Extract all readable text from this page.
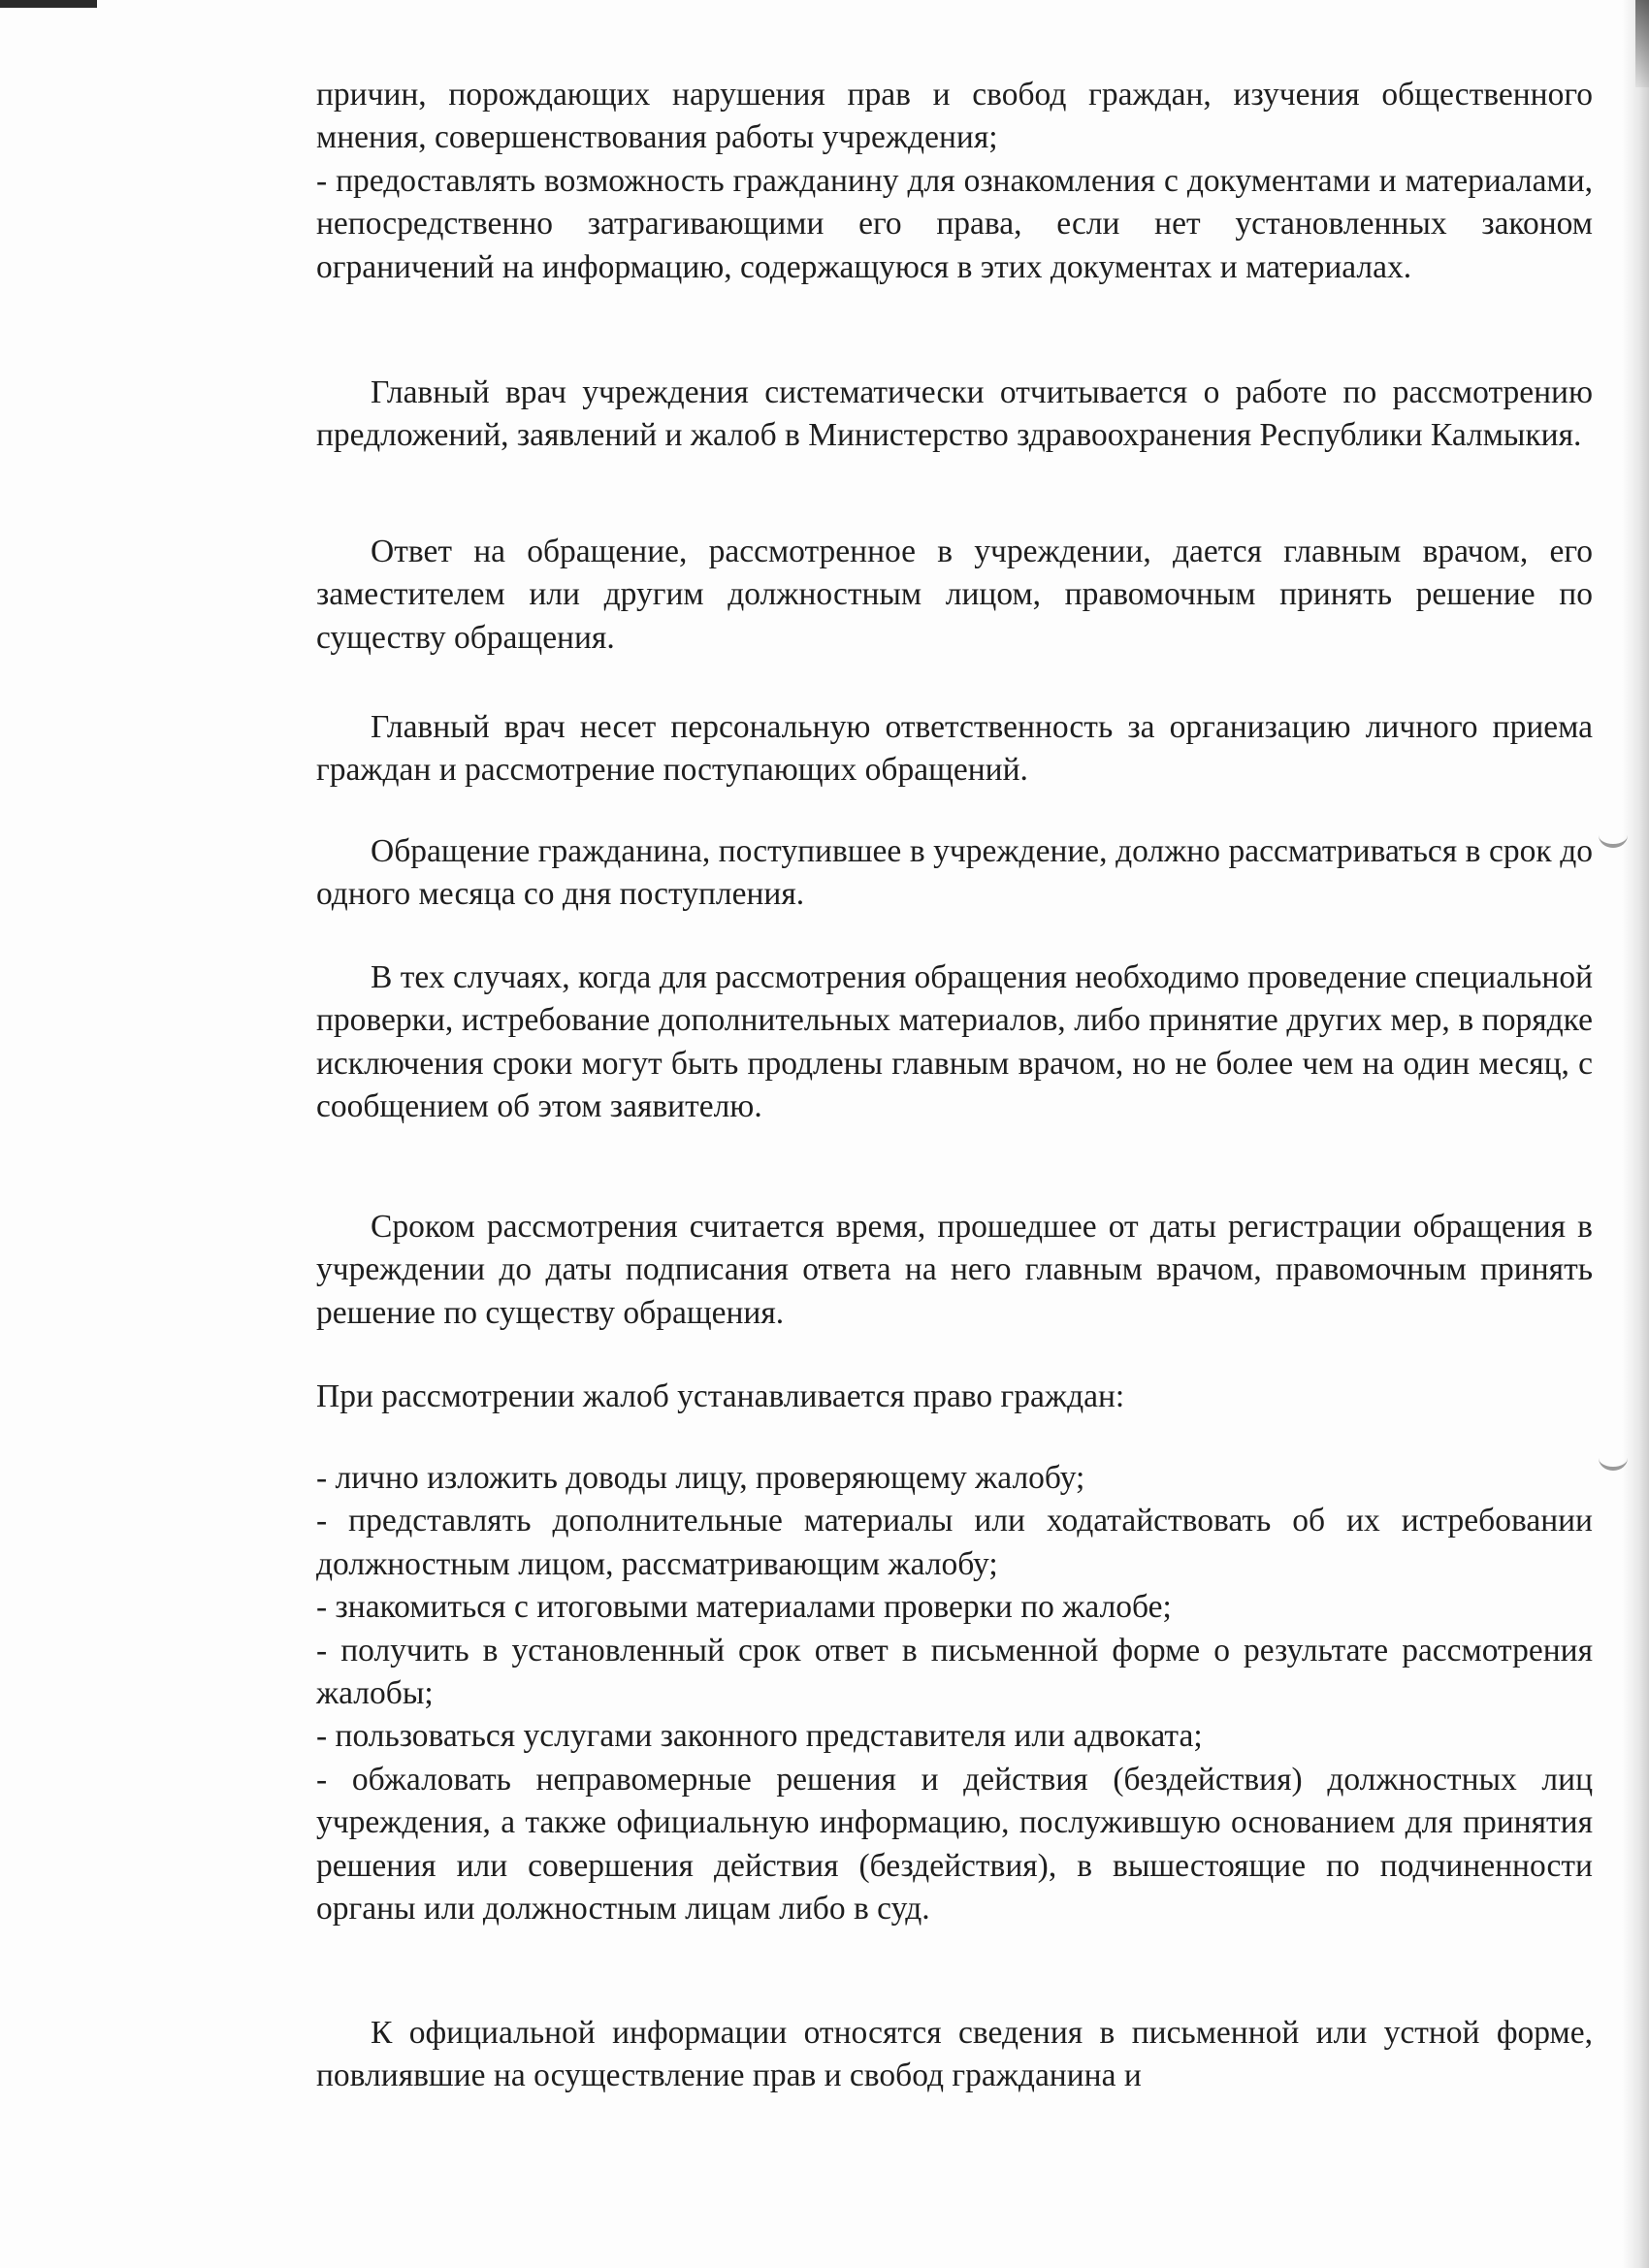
причин, порождающих нарушения прав и свобод граждан, изучения общественного мнения, совершенствования работы учреждения;

- предоставлять возможность гражданину для ознакомления с документами и материалами, непосредственно затрагивающими его права, если нет установленных законом ограничений на информацию, содержащуюся в этих документах и материалах.

Главный врач учреждения систематически отчитывается о работе по рассмотрению предложений, заявлений и жалоб в Министерство здравоохранения Республики Калмыкия.

Ответ на обращение, рассмотренное в учреждении, дается главным врачом, его заместителем или другим должностным лицом, правомочным принять решение по существу обращения.

Главный врач несет персональную ответственность за организацию личного приема граждан и рассмотрение поступающих обращений.

Обращение гражданина, поступившее в учреждение, должно рассматриваться в срок до одного месяца со дня поступления.

В тех случаях, когда для рассмотрения обращения необходимо проведение специальной проверки, истребование дополнительных материалов, либо принятие других мер, в порядке исключения сроки могут быть продлены главным врачом, но не более чем на один месяц, с сообщением об этом заявителю.

Сроком рассмотрения считается время, прошедшее от даты регистрации обращения в учреждении до даты подписания ответа на него главным врачом, правомочным принять решение по существу обращения.

При рассмотрении жалоб устанавливается право граждан:

- лично изложить доводы лицу, проверяющему жалобу;

- представлять дополнительные материалы или ходатайствовать об их истребовании должностным лицом, рассматривающим жалобу;

- знакомиться с итоговыми материалами проверки по жалобе;

- получить в установленный срок ответ в письменной форме о результате рассмотрения жалобы;

- пользоваться услугами законного представителя или адвоката;

- обжаловать неправомерные решения и действия (бездействия) должностных лиц учреждения, а также официальную информацию, послужившую основанием для принятия решения или совершения действия (бездействия), в вышестоящие по подчиненности органы или должностным лицам либо в суд.

К официальной информации относятся сведения в письменной или устной форме, повлиявшие на осуществление прав и свобод гражданина и
